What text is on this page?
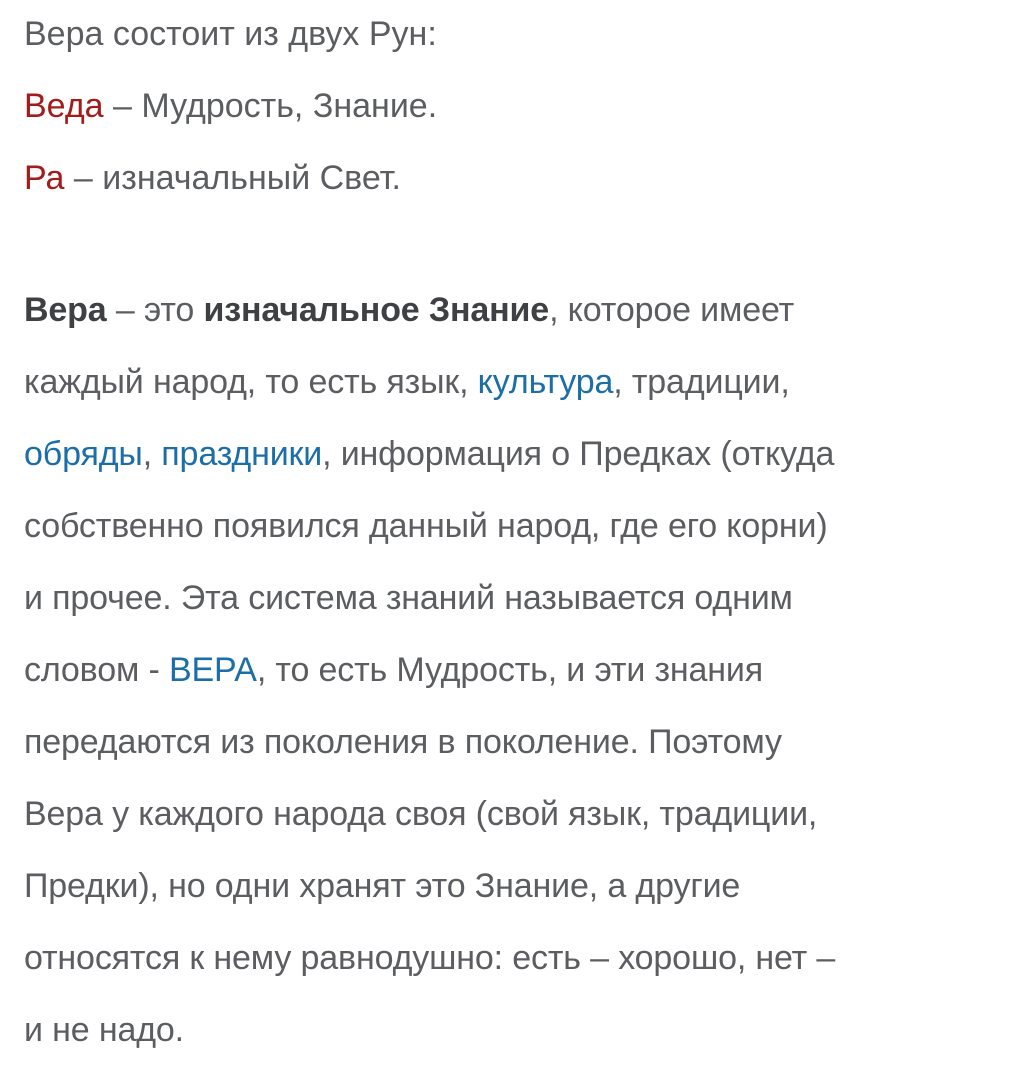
Вера состоит из двух Рун:
Веда – Мудрость, Знание.
Ра – изначальный Свет.
Вера – это изначальное Знание, которое имеет
каждый народ, то есть язык, культура, традиции,
обряды, праздники, информация о Предках (откуда
собственно появился данный народ, где его корни)
и прочее. Эта система знаний называется одним
словом - ВЕРА, то есть Мудрость, и эти знания
передаются из поколения в поколение. Поэтому
Вера у каждого народа своя (свой язык, традиции,
Предки), но одни хранят это Знание, а другие
относятся к нему равнодушно: есть – хорошо, нет –
и не надо.
